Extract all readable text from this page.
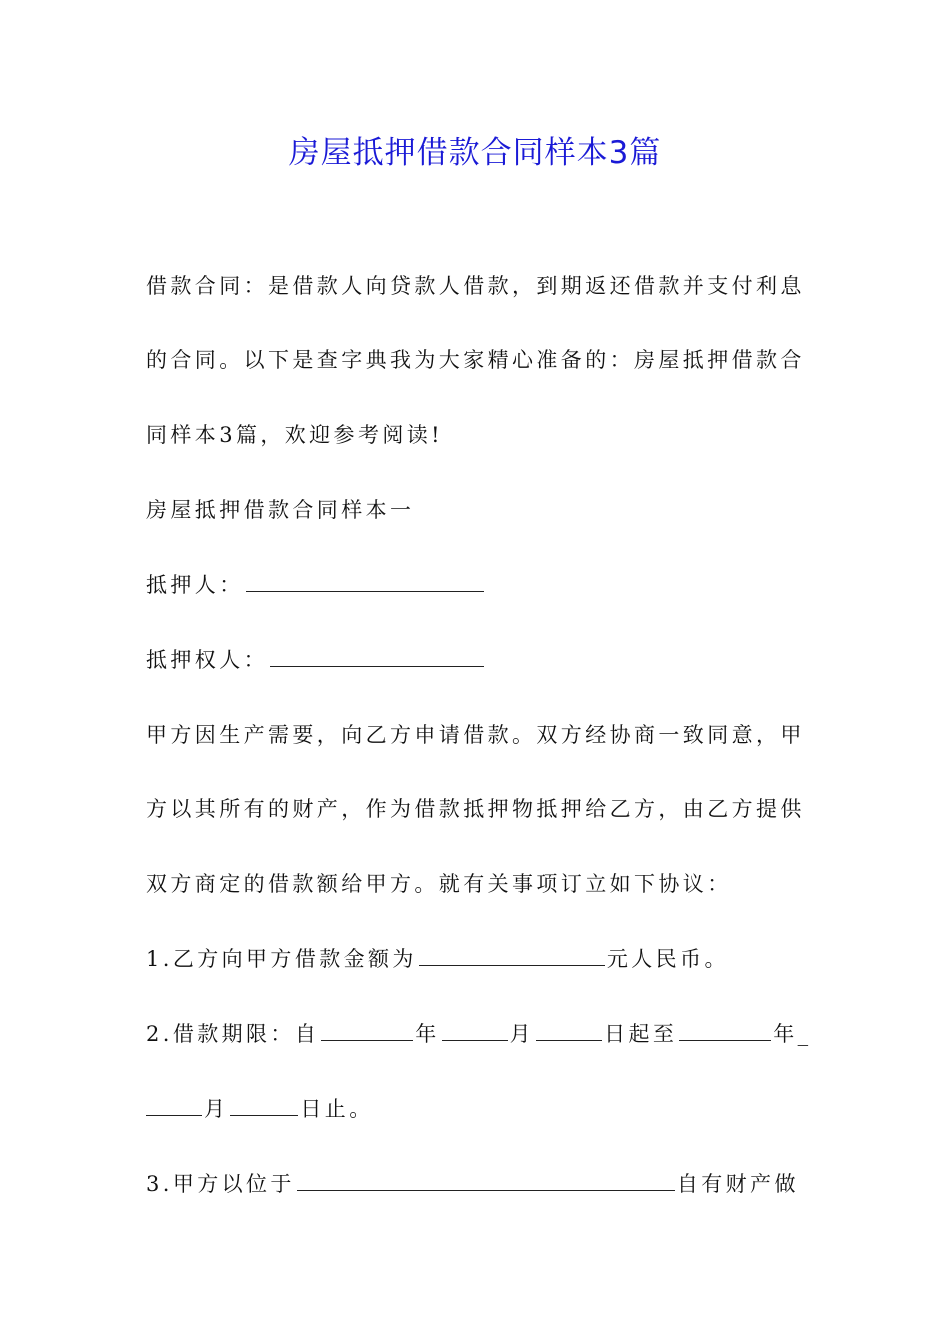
房屋抵押借款合同样本3篇
借款合同：是借款人向贷款人借款，到期返还借款并支付利息
的合同。以下是查字典我为大家精心准备的：房屋抵押借款合
同样本3篇，欢迎参考阅读!
房屋抵押借款合同样本一
抵押人：
抵押权人：
甲方因生产需要，向乙方申请借款。双方经协商一致同意，甲
方以其所有的财产，作为借款抵押物抵押给乙方，由乙方提供
双方商定的借款额给甲方。就有关事项订立如下协议：
1.乙方向甲方借款金额为	元人民币。
2.借款期限：自	年	月	日起至	年_
月	日止。
3.甲方以位于	自有财产做
